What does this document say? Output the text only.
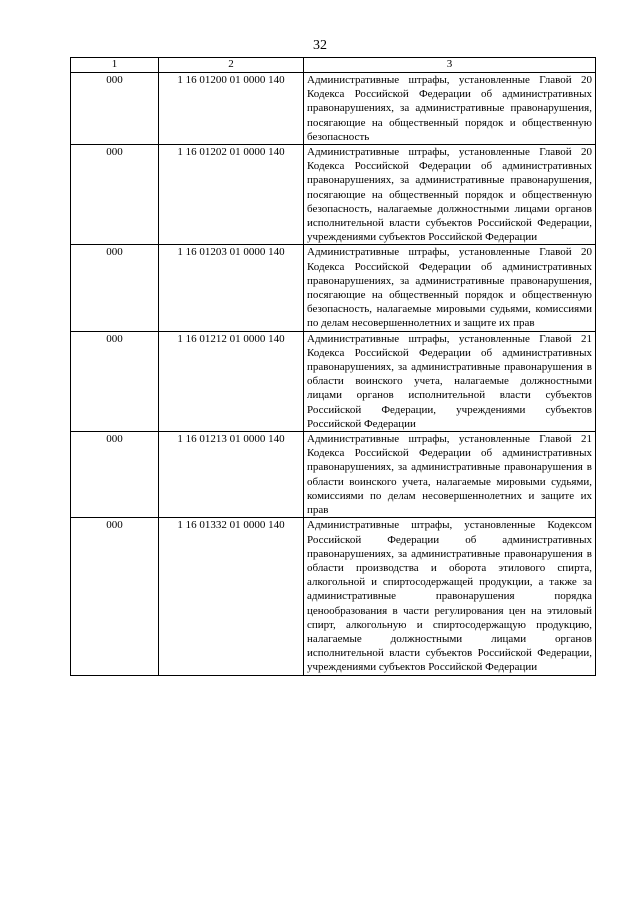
32
1	2	3
000	1 16 01200 01 0000 140	Административные штрафы, установленные Главой 20 Кодекса Российской Федерации об административных правонарушениях, за административные правонарушения, посягающие на общественный порядок и общественную безопасность
000	1 16 01202 01 0000 140	Административные штрафы, установленные Главой 20 Кодекса Российской Федерации об административных правонарушениях, за административные правонарушения, посягающие на общественный порядок и общественную безопасность, налагаемые должностными лицами органов исполнительной власти субъектов Российской Федерации, учреждениями субъектов Российской Федерации
000	1 16 01203 01 0000 140	Административные штрафы, установленные Главой 20 Кодекса Российской Федерации об административных правонарушениях, за административные правонарушения, посягающие на общественный порядок и общественную безопасность, налагаемые мировыми судьями, комиссиями по делам несовершеннолетних и защите их прав
000	1 16 01212 01 0000 140	Административные штрафы, установленные Главой 21 Кодекса Российской Федерации об административных правонарушениях, за административные правонарушения в области воинского учета, налагаемые должностными лицами органов исполнительной власти субъектов Российской Федерации, учреждениями субъектов Российской Федерации
000	1 16 01213 01 0000 140	Административные штрафы, установленные Главой 21 Кодекса Российской Федерации об административных правонарушениях, за административные правонарушения в области воинского учета, налагаемые мировыми судьями, комиссиями по делам несовершеннолетних и защите их прав
000	1 16 01332 01 0000 140	Административные штрафы, установленные Кодексом Российской Федерации об административных правонарушениях, за административные правонарушения в области производства и оборота этилового спирта, алкогольной и спиртосодержащей продукции, а также за административные правонарушения порядка ценообразования в части регулирования цен на этиловый спирт, алкогольную и спиртосодержащую продукцию, налагаемые должностными лицами органов исполнительной власти субъектов Российской Федерации, учреждениями субъектов Российской Федерации
